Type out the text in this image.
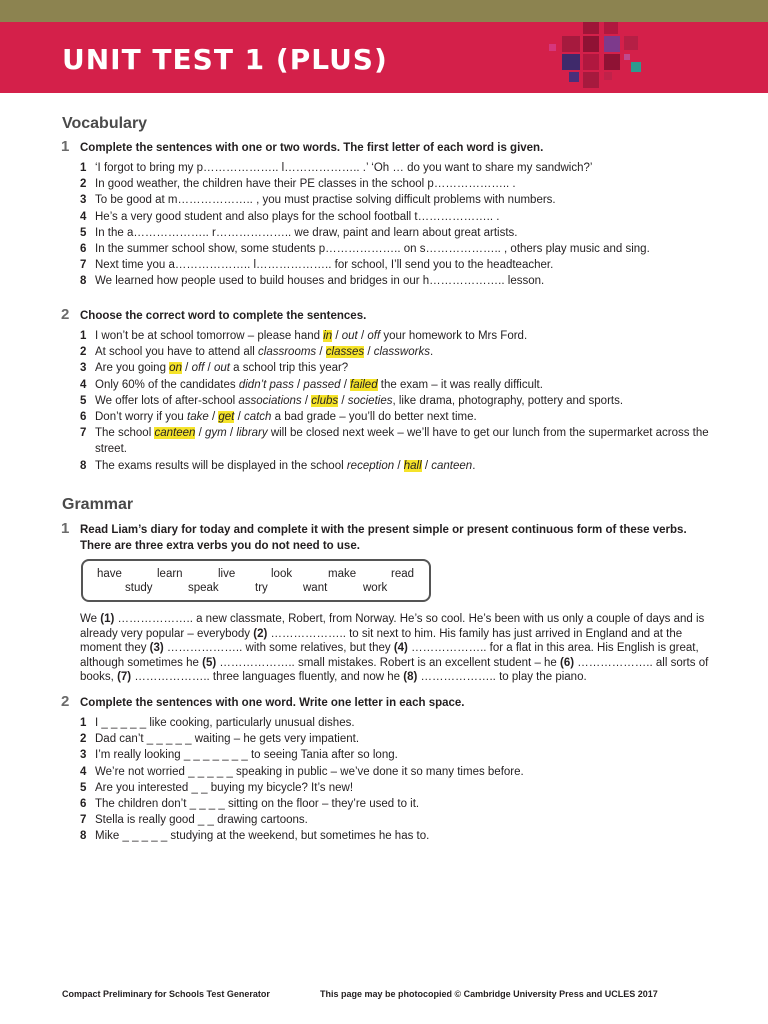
UNIT TEST 1 (PLUS)
Vocabulary
1 Complete the sentences with one or two words. The first letter of each word is given.
1 ‘I forgot to bring my p……………….. l……………….. .’ ‘Oh … do you want to share my sandwich?’
2 In good weather, the children have their PE classes in the school p……………….. .
3 To be good at m……………….. , you must practise solving difficult problems with numbers.
4 He’s a very good student and also plays for the school football t……………….. .
5 In the a……………….. r……………….. we draw, paint and learn about great artists.
6 In the summer school show, some students p……………….. on s……………….. , others play music and sing.
7 Next time you a……………….. l……………….. for school, I’ll send you to the headteacher.
8 We learned how people used to build houses and bridges in our h……………….. lesson.
2 Choose the correct word to complete the sentences.
1 I won’t be at school tomorrow – please hand in / out / off your homework to Mrs Ford.
2 At school you have to attend all classrooms / classes / classworks.
3 Are you going on / off / out a school trip this year?
4 Only 60% of the candidates didn’t pass / passed / failed the exam – it was really difficult.
5 We offer lots of after-school associations / clubs / societies, like drama, photography, pottery and sports.
6 Don’t worry if you take / get / catch a bad grade – you’ll do better next time.
7 The school canteen / gym / library will be closed next week – we’ll have to get our lunch from the supermarket across the street.
8 The exams results will be displayed in the school reception / hall / canteen.
Grammar
1 Read Liam’s diary for today and complete it with the present simple or present continuous form of these verbs. There are three extra verbs you do not need to use.
have	learn	live	look	make	read
study	speak	try	want	work
We (1) ……………….. a new classmate, Robert, from Norway. He’s so cool. He’s been with us only a couple of days and is already very popular – everybody (2) ……………….. to sit next to him. His family has just arrived in England and at the moment they (3) ……………….. with some relatives, but they (4) ……………….. for a flat in this area. His English is great, although sometimes he (5) ……………….. small mistakes. Robert is an excellent student – he (6) ……………….. all sorts of books, (7) ……………….. three languages fluently, and now he (8) ……………….. to play the piano.
2 Complete the sentences with one word. Write one letter in each space.
1 I _ _ _ _ _ like cooking, particularly unusual dishes.
2 Dad can’t _ _ _ _ _ waiting – he gets very impatient.
3 I’m really looking _ _ _ _ _ _ _ to seeing Tania after so long.
4 We’re not worried _ _ _ _ _ speaking in public – we’ve done it so many times before.
5 Are you interested _ _ buying my bicycle? It’s new!
6 The children don’t _ _ _ _ sitting on the floor – they’re used to it.
7 Stella is really good _ _ drawing cartoons.
8 Mike _ _ _ _ _ studying at the weekend, but sometimes he has to.
Compact Preliminary for Schools Test Generator	This page may be photocopied © Cambridge University Press and UCLES 2017
